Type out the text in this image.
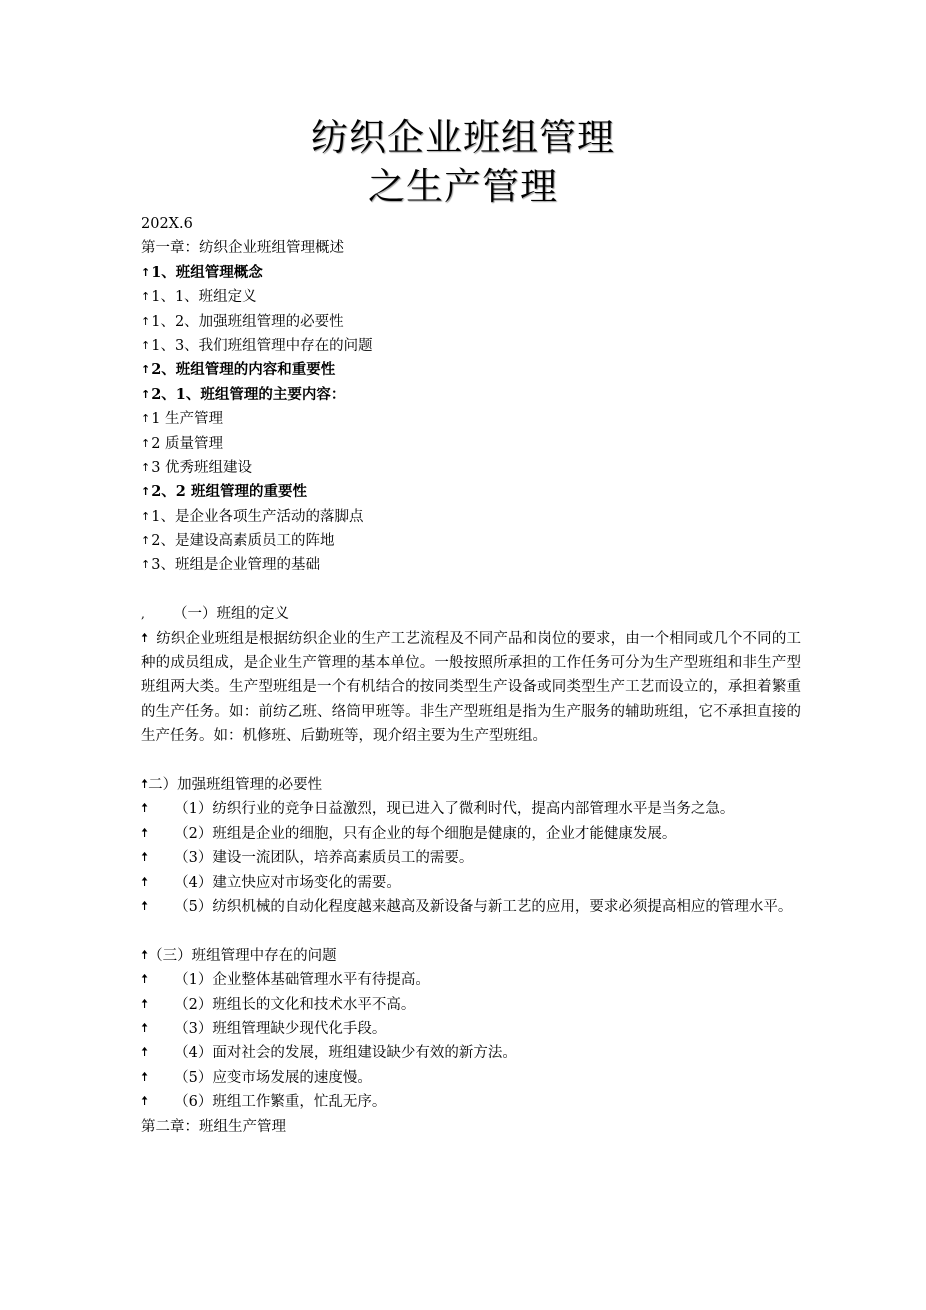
纺织企业班组管理
之生产管理
202X.6
第一章：纺织企业班组管理概述
↑1、班组管理概念
↑1、1、班组定义
↑1、2、加强班组管理的必要性
↑1、3、我们班组管理中存在的问题
↑2、班组管理的内容和重要性
↑2、1、班组管理的主要内容：
↑1 生产管理
↑2 质量管理
↑3 优秀班组建设
↑2、2 班组管理的重要性
↑1、是企业各项生产活动的落脚点
↑2、是建设高素质员工的阵地
↑3、班组是企业管理的基础
, （一）班组的定义
🠅 纺织企业班组是根据纺织企业的生产工艺流程及不同产品和岗位的要求，由一个相同或几个不同的工种的成员组成，是企业生产管理的基本单位。一般按照所承担的工作任务可分为生产型班组和非生产型班组两大类。生产型班组是一个有机结合的按同类型生产设备或同类型生产工艺而设立的，承担着繁重的生产任务。如：前纺乙班、络筒甲班等。非生产型班组是指为生产服务的辅助班组，它不承担直接的生产任务。如：机修班、后勤班等，现介绍主要为生产型班组。
🠅二）加强班组管理的必要性
🠅 （1）纺织行业的竞争日益激烈，现已进入了微利时代，提高内部管理水平是当务之急。
🠅 （2）班组是企业的细胞，只有企业的每个细胞是健康的，企业才能健康发展。
🠅 （3）建设一流团队，培养高素质员工的需要。
🠅 （4）建立快应对市场变化的需要。
🠅 （5）纺织机械的自动化程度越来越高及新设备与新工艺的应用，要求必须提高相应的管理水平。
🠅（三）班组管理中存在的问题
🠅 （1）企业整体基础管理水平有待提高。
🠅 （2）班组长的文化和技术水平不高。
🠅 （3）班组管理缺少现代化手段。
🠅 （4）面对社会的发展，班组建设缺少有效的新方法。
🠅 （5）应变市场发展的速度慢。
🠅 （6）班组工作繁重，忙乱无序。
第二章：班组生产管理
